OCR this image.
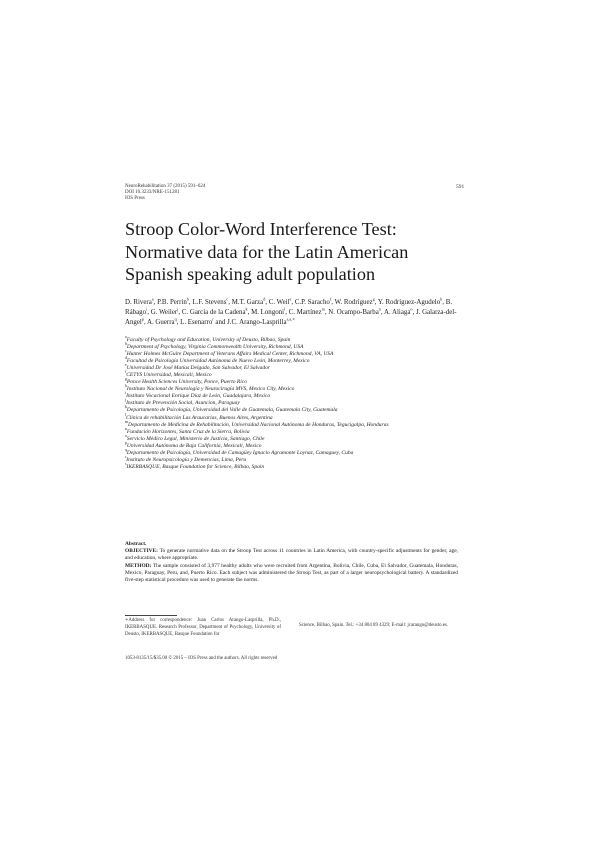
NeuroRehabilitation 37 (2015) 591–624
DOI 10.3233/NRE-151281
IOS Press
591
Stroop Color-Word Interference Test:
Normative data for the Latin American
Spanish speaking adult population
D. Rivera$^a$, P.B. Perrin$^b$, L.F. Stevens$^c$, M.T. Garza$^d$, C. Weil$^e$, C.P. Saracho$^f$, W. Rodríguez$^g$, Y. Rodríguez-Agudelo$^h$, B. Rábago$^i$, G. Weiler$^j$, C. García de la Cadena$^k$, M. Longoni$^l$, C. Martínez$^m$, N. Ocampo-Barba$^n$, A. Aliaga$^o$, J. Galarza-del-Angel$^p$, A. Guerra$^q$, L. Esenarro$^r$ and J.C. Arango-Lasprilla$^{s,a,∗}$
$^a$Faculty of Psychology and Education, University of Deusto, Bilbao, Spain
$^b$Department of Psychology, Virginia Commonwealth University, Richmond, USA
$^c$Hunter Holmes McGuire Department of Veterans Affairs Medical Center, Richmond, VA, USA
$^d$Facultad de Psicología Universidad Autónoma de Nuevo León, Monterrey, Mexico
$^e$Universidad Dr José Matías Delgado, San Salvador, El Salvador
$^f$CETYS Universidad, Mexicali, Mexico
$^g$Ponce Health Sciences University, Ponce, Puerto Rico
$^h$Instituto Nacional de Neurología y Neurocirugía MVS, Mexico City, Mexico
$^i$Instituto Vocacional Enrique Díaz de León, Guadalajara, Mexico
$^j$Instituto de Prevención Social, Asuncion, Paraguay
$^k$Departamento de Psicología, Universidad del Valle de Guatemala, Guatemala City, Guatemala
$^l$Clínica de rehabilitación Las Araucarias, Buenos Aires, Argentina
$^m$Departamento de Medicina de Rehabilitación, Universidad Nacional Autónoma de Honduras, Tegucigalpa, Honduras
$^n$Fundación Horizontes, Santa Cruz de la Sierra, Bolivia
$^o$Servicio Médico Legal, Ministerio de Justicia, Santiago, Chile
$^p$Universidad Autónoma de Baja California, Mexicali, Mexico
$^q$Departamento de Psicología, Universidad de Camagüey Ignacio Agramonte Loynaz, Camaguey, Cuba
$^r$Instituto de Neuropsicología y Demencias, Lima, Peru
$^s$IKERBASQUE, Basque Foundation for Science, Bilbao, Spain
Abstract.
OBJECTIVE: To generate normative data on the Stroop Test across 11 countries in Latin America, with country-specific adjustments for gender, age, and education, where appropriate.
METHOD: The sample consisted of 3,977 healthy adults who were recruited from Argentina, Bolivia, Chile, Cuba, El Salvador, Guatemala, Honduras, Mexico, Paraguay, Peru, and, Puerto Rico. Each subject was administered the Stroop Test, as part of a larger neuropsychological battery. A standardized five-step statistical procedure was used to generate the norms.
∗Address for correspondence: Juan Carlos Arango-Lasprilla, Ph.D., IKERBASQUE. Research Professor, Department of Psychology, University of Deusto, IKERBASQUE, Basque Foundation for
Science, Bilbao, Spain. Tel.: +34 804 89 4329; E-mail: jcarango@deusto.es.
1053-8135/15/$35.00 © 2015 – IOS Press and the authors. All rights reserved
